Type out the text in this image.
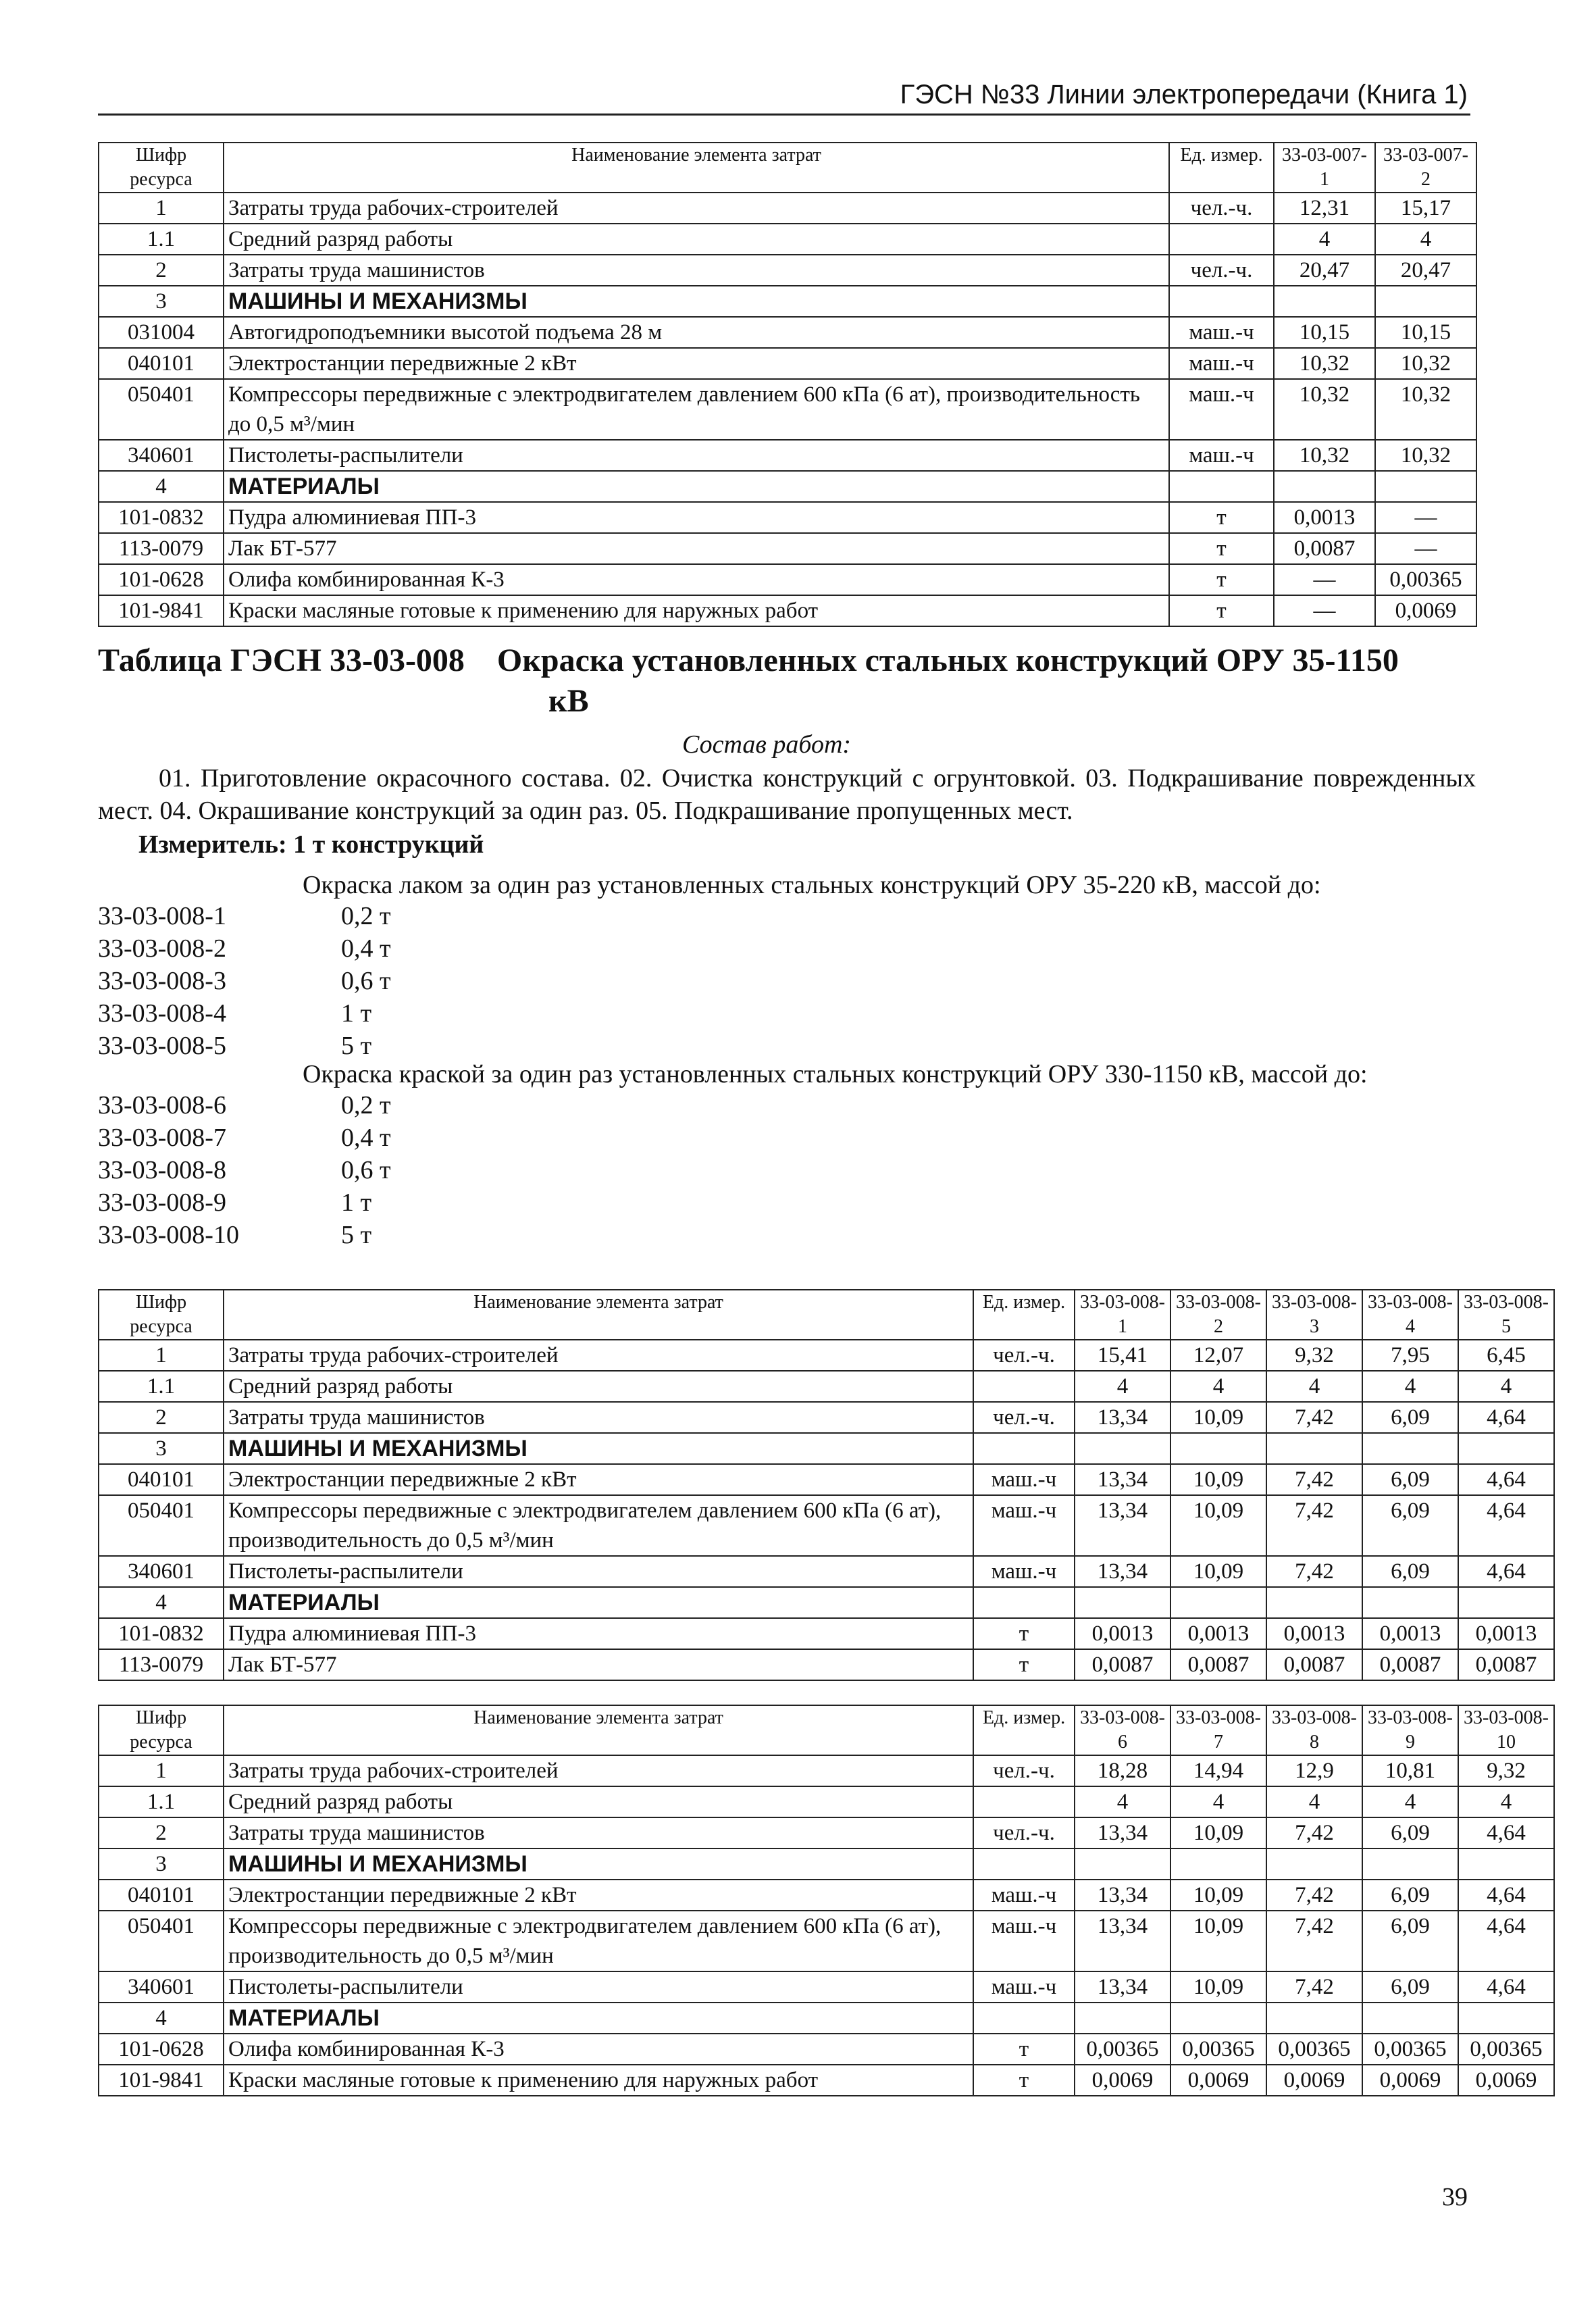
ГЭСН №33 Линии электропередачи (Книга 1)
Шифр ресурса	Наименование элемента затрат	Ед. измер.	33-03-007-1	33-03-007-2
1	Затраты труда рабочих-строителей	чел.-ч.	12,31	15,17
1.1	Средний разряд работы		4	4
2	Затраты труда машинистов	чел.-ч.	20,47	20,47
3	МАШИНЫ И МЕХАНИЗМЫ			
031004	Автогидроподъемники высотой подъема 28 м	маш.-ч	10,15	10,15
040101	Электростанции передвижные 2 кВт	маш.-ч	10,32	10,32
050401	Компрессоры передвижные с электродвигателем давлением 600 кПа (6 ат), производительность до 0,5 м³/мин	маш.-ч	10,32	10,32
340601	Пистолеты-распылители	маш.-ч	10,32	10,32
4	МАТЕРИАЛЫ			
101-0832	Пудра алюминиевая ПП-3	т	0,0013	—
113-0079	Лак БТ-577	т	0,0087	—
101-0628	Олифа комбинированная К-3	т	—	0,00365
101-9841	Краски масляные готовые к применению для наружных работ	т	—	0,0069
Таблица ГЭСН 33-03-008    Окраска установленных стальных конструкций ОРУ 35-1150
кВ
Состав работ:
01. Приготовление окрасочного состава. 02. Очистка конструкций с огрунтовкой. 03. Подкрашивание поврежденных мест. 04. Окрашивание конструкций за один раз. 05. Подкрашивание пропущенных мест.
Измеритель: 1 т конструкций
Окраска лаком за один раз установленных стальных конструкций ОРУ 35-220 кВ, массой до:
33-03-008-1	0,2 т
33-03-008-2	0,4 т
33-03-008-3	0,6 т
33-03-008-4	1 т
33-03-008-5	5 т
Окраска краской за один раз установленных стальных конструкций ОРУ 330-1150 кВ, массой до:
33-03-008-6	0,2 т
33-03-008-7	0,4 т
33-03-008-8	0,6 т
33-03-008-9	1 т
33-03-008-10	5 т
Шифр ресурса	Наименование элемента затрат	Ед. измер.	33-03-008-1	33-03-008-2	33-03-008-3	33-03-008-4	33-03-008-5
1	Затраты труда рабочих-строителей	чел.-ч.	15,41	12,07	9,32	7,95	6,45
1.1	Средний разряд работы		4	4	4	4	4
2	Затраты труда машинистов	чел.-ч.	13,34	10,09	7,42	6,09	4,64
3	МАШИНЫ И МЕХАНИЗМЫ						
040101	Электростанции передвижные 2 кВт	маш.-ч	13,34	10,09	7,42	6,09	4,64
050401	Компрессоры передвижные с электродвигателем давлением 600 кПа (6 ат), производительность до 0,5 м³/мин	маш.-ч	13,34	10,09	7,42	6,09	4,64
340601	Пистолеты-распылители	маш.-ч	13,34	10,09	7,42	6,09	4,64
4	МАТЕРИАЛЫ						
101-0832	Пудра алюминиевая ПП-3	т	0,0013	0,0013	0,0013	0,0013	0,0013
113-0079	Лак БТ-577	т	0,0087	0,0087	0,0087	0,0087	0,0087
Шифр ресурса	Наименование элемента затрат	Ед. измер.	33-03-008-6	33-03-008-7	33-03-008-8	33-03-008-9	33-03-008-10
1	Затраты труда рабочих-строителей	чел.-ч.	18,28	14,94	12,9	10,81	9,32
1.1	Средний разряд работы		4	4	4	4	4
2	Затраты труда машинистов	чел.-ч.	13,34	10,09	7,42	6,09	4,64
3	МАШИНЫ И МЕХАНИЗМЫ						
040101	Электростанции передвижные 2 кВт	маш.-ч	13,34	10,09	7,42	6,09	4,64
050401	Компрессоры передвижные с электродвигателем давлением 600 кПа (6 ат), производительность до 0,5 м³/мин	маш.-ч	13,34	10,09	7,42	6,09	4,64
340601	Пистолеты-распылители	маш.-ч	13,34	10,09	7,42	6,09	4,64
4	МАТЕРИАЛЫ						
101-0628	Олифа комбинированная К-3	т	0,00365	0,00365	0,00365	0,00365	0,00365
101-9841	Краски масляные готовые к применению для наружных работ	т	0,0069	0,0069	0,0069	0,0069	0,0069
39
